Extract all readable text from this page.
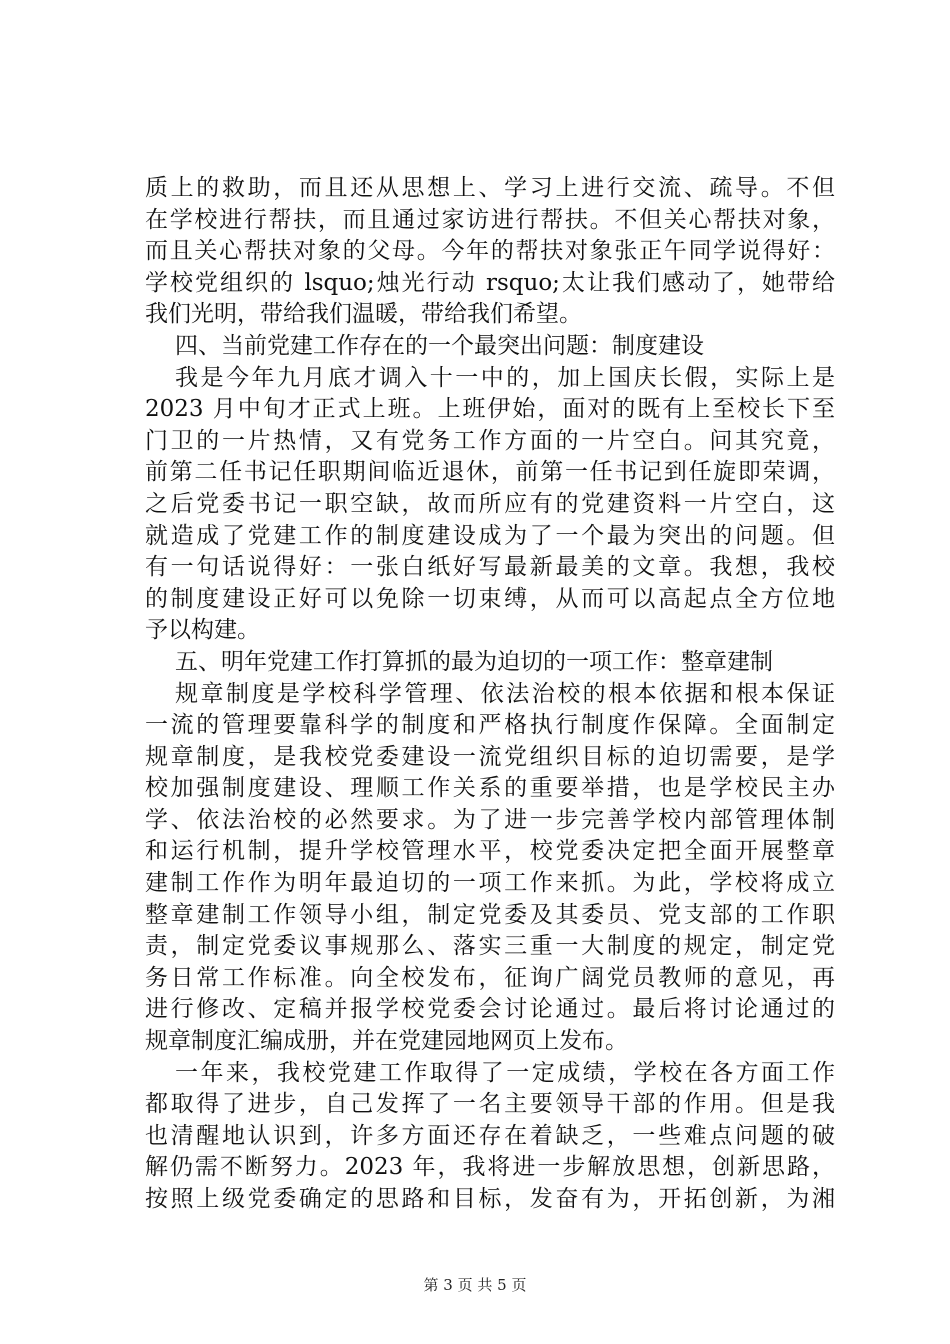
质上的救助，而且还从思想上、学习上进行交流、疏导。不但
在学校进行帮扶，而且通过家访进行帮扶。不但关心帮扶对象，
而且关心帮扶对象的父母。今年的帮扶对象张正午同学说得好：
学校党组织的 lsquo;烛光行动 rsquo;太让我们感动了，她带给
我们光明，带给我们温暖，带给我们希望。
四、当前党建工作存在的一个最突出问题：制度建设
我是今年九月底才调入十一中的，加上国庆长假，实际上是
2023 月中旬才正式上班。上班伊始，面对的既有上至校长下至
门卫的一片热情，又有党务工作方面的一片空白。问其究竟，
前第二任书记任职期间临近退休，前第一任书记到任旋即荣调，
之后党委书记一职空缺，故而所应有的党建资料一片空白，这
就造成了党建工作的制度建设成为了一个最为突出的问题。但
有一句话说得好：一张白纸好写最新最美的文章。我想，我校
的制度建设正好可以免除一切束缚，从而可以高起点全方位地
予以构建。
五、明年党建工作打算抓的最为迫切的一项工作：整章建制
规章制度是学校科学管理、依法治校的根本依据和根本保证
一流的管理要靠科学的制度和严格执行制度作保障。全面制定
规章制度，是我校党委建设一流党组织目标的迫切需要，是学
校加强制度建设、理顺工作关系的重要举措，也是学校民主办
学、依法治校的必然要求。为了进一步完善学校内部管理体制
和运行机制，提升学校管理水平，校党委决定把全面开展整章
建制工作作为明年最迫切的一项工作来抓。为此，学校将成立
整章建制工作领导小组，制定党委及其委员、党支部的工作职
责，制定党委议事规那么、落实三重一大制度的规定，制定党
务日常工作标准。向全校发布，征询广阔党员教师的意见，再
进行修改、定稿并报学校党委会讨论通过。最后将讨论通过的
规章制度汇编成册，并在党建园地网页上发布。
一年来，我校党建工作取得了一定成绩，学校在各方面工作
都取得了进步，自己发挥了一名主要领导干部的作用。但是我
也清醒地认识到，许多方面还存在着缺乏，一些难点问题的破
解仍需不断努力。2023 年，我将进一步解放思想，创新思路，
按照上级党委确定的思路和目标，发奋有为，开拓创新，为湘
第 3 页 共 5 页
